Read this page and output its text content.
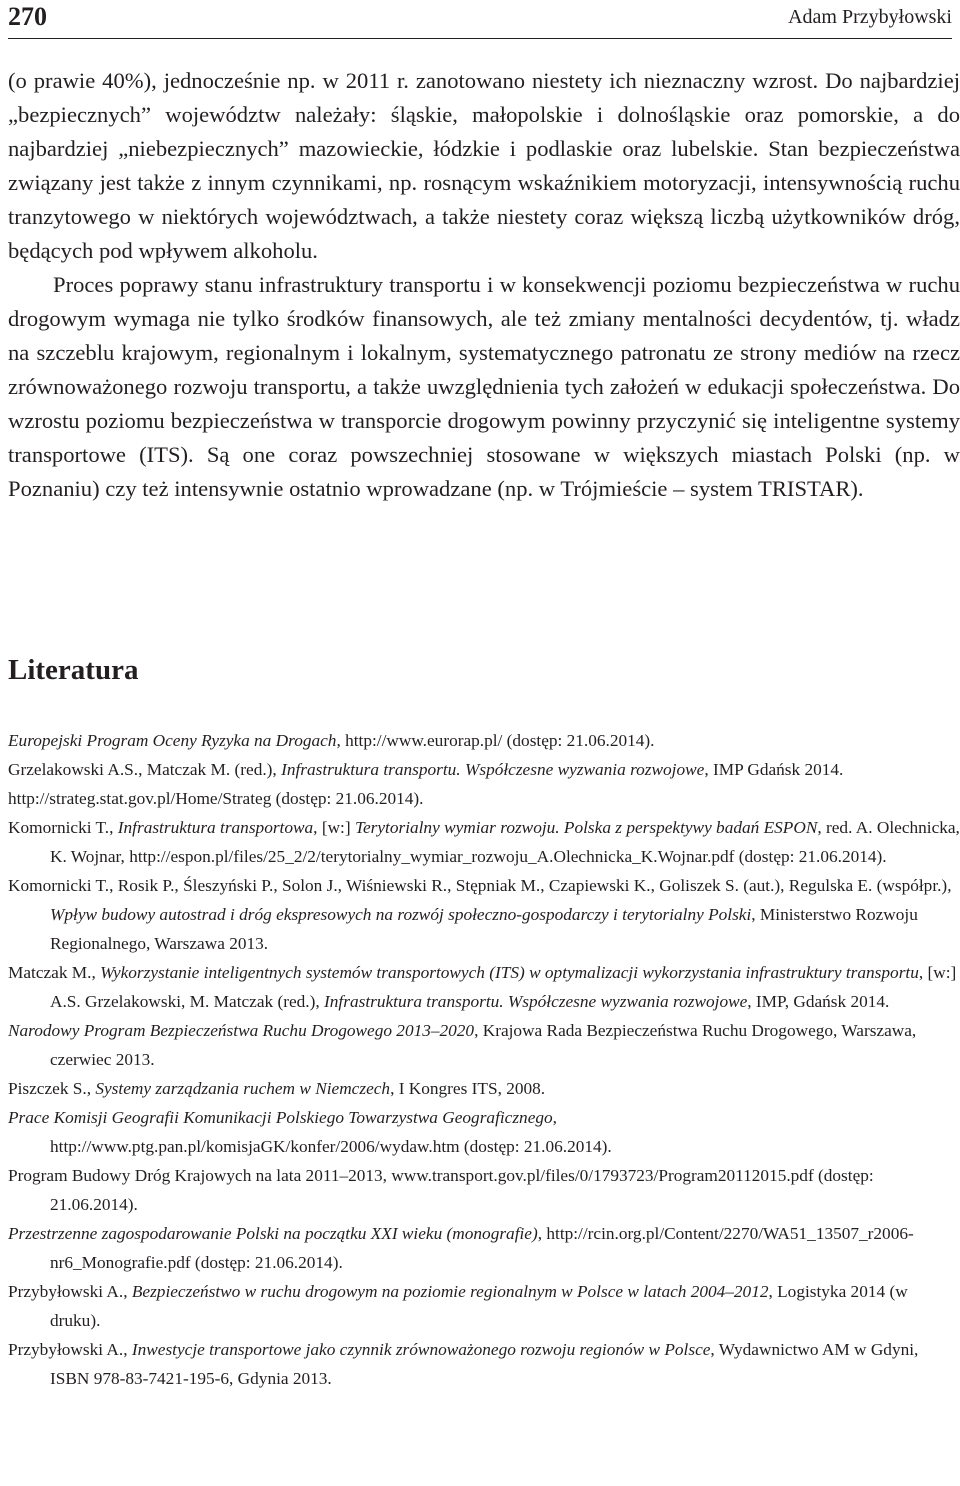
270	Adam Przybyłowski

(o prawie 40%), jednocześnie np. w 2011 r. zanotowano niestety ich nieznaczny wzrost. Do najbardziej „bezpiecznych” województw należały: śląskie, małopolskie i dolnośląskie oraz pomorskie, a do najbardziej „niebezpiecznych” mazowieckie, łódzkie i podlaskie oraz lubelskie. Stan bezpieczeństwa związany jest także z innym czynnikami, np. rosnącym wskaźnikiem motoryzacji, intensywnością ruchu tranzytowego w niektórych województwach, a także niestety coraz większą liczbą użytkowników dróg, będących pod wpływem alkoholu.

Proces poprawy stanu infrastruktury transportu i w konsekwencji poziomu bezpieczeństwa w ruchu drogowym wymaga nie tylko środków finansowych, ale też zmiany mentalności decydentów, tj. władz na szczeblu krajowym, regionalnym i lokalnym, systematycznego patronatu ze strony mediów na rzecz zrównoważonego rozwoju transportu, a także uwzględnienia tych założeń w edukacji społeczeństwa. Do wzrostu poziomu bezpieczeństwa w transporcie drogowym powinny przyczynić się inteligentne systemy transportowe (ITS). Są one coraz powszechniej stosowane w większych miastach Polski (np. w Poznaniu) czy też intensywnie ostatnio wprowadzane (np. w Trójmieście – system TRISTAR).

Literatura

Europejski Program Oceny Ryzyka na Drogach, http://www.eurorap.pl/ (dostęp: 21.06.2014).

Grzelakowski A.S., Matczak M. (red.), Infrastruktura transportu. Współczesne wyzwania rozwojowe, IMP Gdańsk 2014.

http://strateg.stat.gov.pl/Home/Strateg (dostęp: 21.06.2014).

Komornicki T., Infrastruktura transportowa, [w:] Terytorialny wymiar rozwoju. Polska z perspektywy badań ESPON, red. A. Olechnicka, K. Wojnar, http://espon.pl/files/25_2/2/terytorialny_wymiar_rozwoju_A.Olechnicka_K.Wojnar.pdf (dostęp: 21.06.2014).

Komornicki T., Rosik P., Śleszyński P., Solon J., Wiśniewski R., Stępniak M., Czapiewski K., Goliszek S. (aut.), Regulska E. (współpr.), Wpływ budowy autostrad i dróg ekspresowych na rozwój społeczno-gospodarczy i terytorialny Polski, Ministerstwo Rozwoju Regionalnego, Warszawa 2013.

Matczak M., Wykorzystanie inteligentnych systemów transportowych (ITS) w optymalizacji wykorzystania infrastruktury transportu, [w:] A.S. Grzelakowski, M. Matczak (red.), Infrastruktura transportu. Współczesne wyzwania rozwojowe, IMP, Gdańsk 2014.

Narodowy Program Bezpieczeństwa Ruchu Drogowego 2013–2020, Krajowa Rada Bezpieczeństwa Ruchu Drogowego, Warszawa, czerwiec 2013.

Piszczek S., Systemy zarządzania ruchem w Niemczech, I Kongres ITS, 2008.

Prace Komisji Geografii Komunikacji Polskiego Towarzystwa Geograficznego, http://www.ptg.pan.pl/komisjaGK/konfer/2006/wydaw.htm (dostęp: 21.06.2014).

Program Budowy Dróg Krajowych na lata 2011–2013, www.transport.gov.pl/files/0/1793723/Program20112015.pdf (dostęp: 21.06.2014).

Przestrzenne zagospodarowanie Polski na początku XXI wieku (monografie), http://rcin.org.pl/Content/2270/WA51_13507_r2006-nr6_Monografie.pdf (dostęp: 21.06.2014).

Przybyłowski A., Bezpieczeństwo w ruchu drogowym na poziomie regionalnym w Polsce w latach 2004–2012, Logistyka 2014 (w druku).

Przybyłowski A., Inwestycje transportowe jako czynnik zrównoważonego rozwoju regionów w Polsce, Wydawnictwo AM w Gdyni, ISBN 978-83-7421-195-6, Gdynia 2013.
